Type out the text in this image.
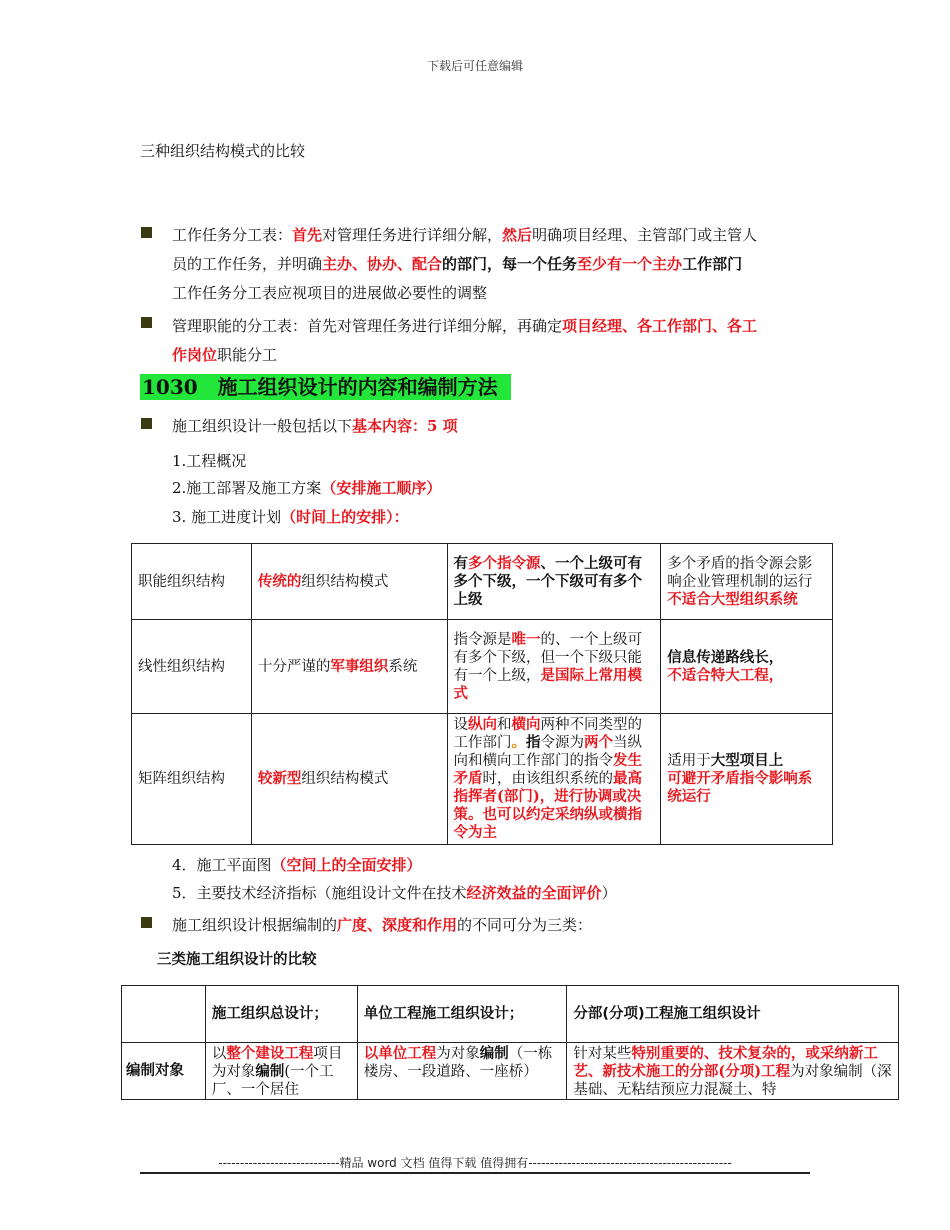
下载后可任意编辑
三种组织结构模式的比较
工作任务分工表：首先对管理任务进行详细分解，然后明确项目经理、主管部门或主管人
员的工作任务，并明确主办、协办、配合的部门，每一个任务至少有一个主办工作部门
工作任务分工表应视项目的进展做必要性的调整
管理职能的分工表：首先对管理任务进行详细分解，再确定项目经理、各工作部门、各工
作岗位职能分工
1030　施工组织设计的内容和编制方法
施工组织设计一般包括以下基本内容：5 项
1.工程概况
2.施工部署及施工方案（安排施工顺序）
3. 施工进度计划（时间上的安排）：
职能组织结构	传统的组织结构模式	有多个指令源、一个上级可有多个下级，一个下级可有多个上级	多个矛盾的指令源会影响企业管理机制的运行不适合大型组织系统
线性组织结构	十分严谨的军事组织系统	指令源是唯一的、一个上级可有多个下级，但一个下级只能有一个上级，是国际上常用模式	信息传递路线长，
不适合特大工程，
矩阵组织结构	较新型组织结构模式	设纵向和横向两种不同类型的工作部门。指令源为两个当纵向和横向工作部门的指令发生矛盾时，由该组织系统的最高指挥者(部门)，进行协调或决策。也可以约定采纳纵或横指令为主	适用于大型项目上
可避开矛盾指令影响系统运行
4．施工平面图（空间上的全面安排）
5．主要技术经济指标（施组设计文件在技术经济效益的全面评价）
施工组织设计根据编制的广度、深度和作用的不同可分为三类：
三类施工组织设计的比较
	施工组织总设计；	单位工程施工组织设计；	分部(分项)工程施工组织设计
编制对象	以整个建设工程项目为对象编制(一个工厂、一个居住	以单位工程为对象编制（一栋楼房、一段道路、一座桥）	针对某些特别重要的、技术复杂的，或采纳新工艺、新技术施工的分部(分项)工程为对象编制（深基础、无粘结预应力混凝土、特
----------------------------精品 word 文档 值得下载 值得拥有-----------------------------------------------
